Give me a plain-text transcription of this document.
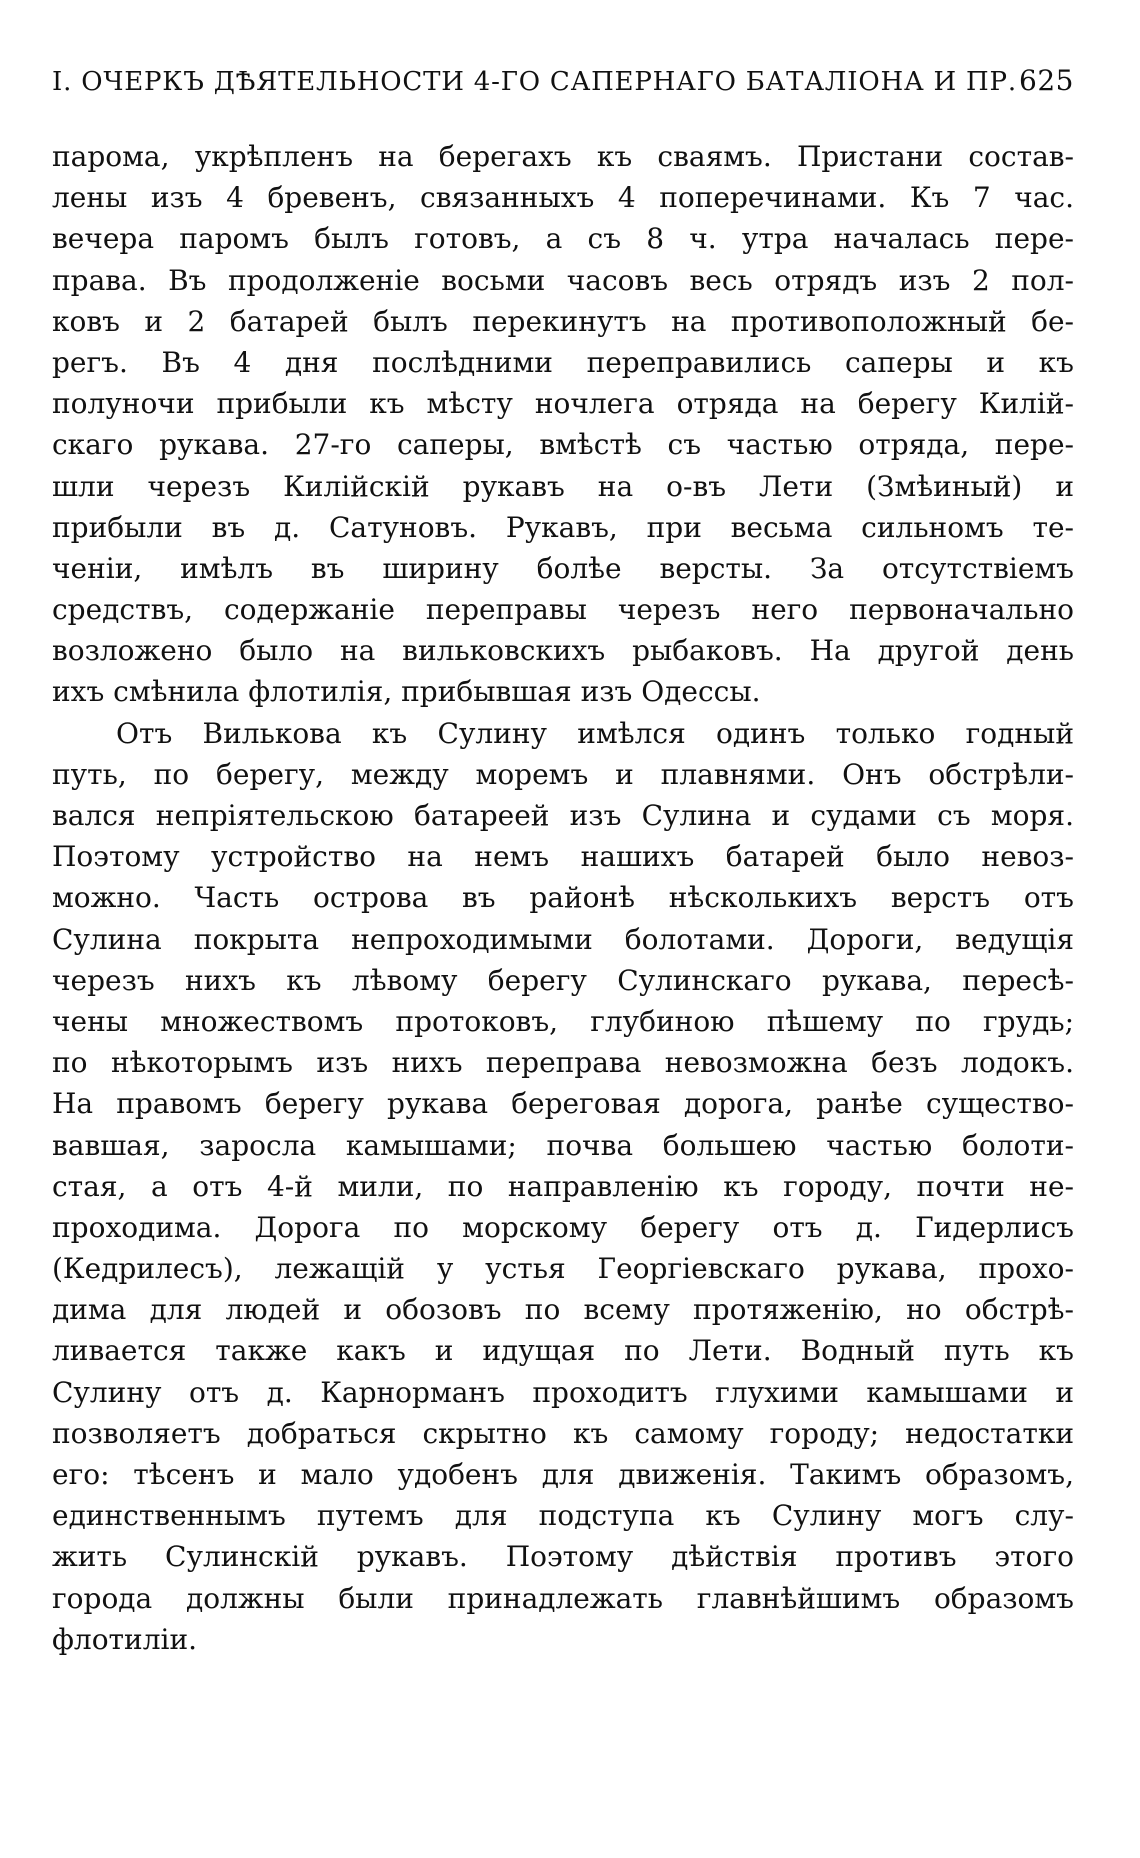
I. ОЧЕРКЪ ДѢЯТЕЛЬНОСТИ 4-ГО САПЕРНАГО БАТАЛІОНА И ПР. 625
парома, укрѣпленъ на берегахъ къ сваямъ. Пристани состав-
лены изъ 4 бревенъ, связанныхъ 4 поперечинами. Къ 7 час.
вечера паромъ былъ готовъ, а съ 8 ч. утра началась пере-
права. Въ продолженіе восьми часовъ весь отрядъ изъ 2 пол-
ковъ и 2 батарей былъ перекинутъ на противоположный бе-
регъ. Въ 4 дня послѣдними переправились саперы и къ
полуночи прибыли къ мѣсту ночлега отряда на берегу Килій-
скаго рукава. 27-го саперы, вмѣстѣ съ частью отряда, пере-
шли черезъ Килійскій рукавъ на о-въ Лети (Змѣиный) и
прибыли въ д. Сатуновъ. Рукавъ, при весьма сильномъ те-
ченіи, имѣлъ въ ширину болѣе версты. За отсутствіемъ
средствъ, содержаніе переправы черезъ него первоначально
возложено было на вильковскихъ рыбаковъ. На другой день
ихъ смѣнила флотилія, прибывшая изъ Одессы.
Отъ Вилькова къ Сулину имѣлся одинъ только годный
путь, по берегу, между моремъ и плавнями. Онъ обстрѣли-
вался непріятельскою батареей изъ Сулина и судами съ моря.
Поэтому устройство на немъ нашихъ батарей было невоз-
можно. Часть острова въ районѣ нѣсколькихъ верстъ отъ
Сулина покрыта непроходимыми болотами. Дороги, ведущія
черезъ нихъ къ лѣвому берегу Сулинскаго рукава, пересѣ-
чены множествомъ протоковъ, глубиною пѣшему по грудь;
по нѣкоторымъ изъ нихъ переправа невозможна безъ лодокъ.
На правомъ берегу рукава береговая дорога, ранѣе существо-
вавшая, заросла камышами; почва большею частью болоти-
стая, а отъ 4-й мили, по направленію къ городу, почти не-
проходима. Дорога по морскому берегу отъ д. Гидерлисъ
(Кедрилесъ), лежащій у устья Георгіевскаго рукава, прохо-
дима для людей и обозовъ по всему протяженію, но обстрѣ-
ливается также какъ и идущая по Лети. Водный путь къ
Сулину отъ д. Карнорманъ проходитъ глухими камышами и
позволяетъ добраться скрытно къ самому городу; недостатки
его: тѣсенъ и мало удобенъ для движенія. Такимъ образомъ,
единственнымъ путемъ для подступа къ Сулину могъ слу-
жить Сулинскій рукавъ. Поэтому дѣйствія противъ этого
города должны были принадлежать главнѣйшимъ образомъ
флотиліи.
